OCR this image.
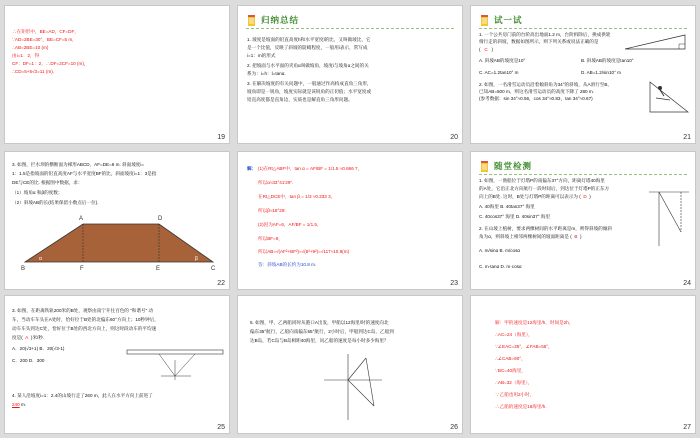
∴在矩形中，BE=AD，CF=DF，
∵AD=2BE=30°，BE=CF=5 m，
∴AB=2BE=10 (m)
由i=1：2，得
CF：DF=1：2，∴DF=2CF=10 (m)，
∴CD=5+5√3=11 (m)．
19
归纳总结
1. 坡度是坡面的铅直高度h和水平宽度l的比，又叫做坡比，它
是一个比值，反映了斜坡的陡峭程度，一般用i表示，常写成
i=1：m的形式
2. 把坡面与水平面的夹角α叫做坡角，坡度i与坡角α之间的关
系为：i=h：l=tanα.
3. 在解决坡度的有关问题中，一般通过作高构成直角三角形，
坡角即是一锐角，坡度实际就是该锐角的正切值；水平宽度或
铅直高度都是直角边，实质也是解直角三角形问题。
20
试一试
1. 一个公共房门前的台阶高出地面1.2 m，台阶拆除后，换成供轮
椅行走的斜坡，数据如图所示，则下列关系或说法正确的是
(   C   )
A. 斜坡AB的坡度是10°	B. 斜坡AB的坡度是tan10°
C. AC=1.2tan10° m	D. AB=1.2/sin10° m
2. 如图，一名滑雪运动员沿着倾斜角为34°的斜坡，从A滑行至B，
已知AB=500 m，则这名滑雪运动员的高度下降了 280 m．
(参考数据：sin 34°≈0.56，cos 34°≈0.83，tan 34°≈0.67)
21
3. 如图，拦水坝的横断面为梯形ABCD，AF=DE=6 m. 斜面坡度i=
1：1.5是指坡面的铅直高度AF与水平宽度BF的比，斜面坡度i=1：3是指
DE与CE的比. 根据图中数据，求：
（1）坡角α 和β的度数；
（2）斜坡AB的长(结果保留小数点后一位).
A	D
B	F	E	C
α	β
22
解： (1)在Rt△ABF中，tan α = AF/BF = 1/1.5 ≈0.666 7，
所以α≈33°41′29″.
在Rt△DCE中，tan β = 1/3 ≈0.333 3，
所以β≈18°26′.
(2)因为AF=6，AF/BF = 1/1.5，
所以BF=9，
所以AB=√(AF²+BF²)=√(6²+9²)=√117≈10.8(m)
答：斜坡AB的长约为10.8 m.
23
随堂检测
1. 如图，一渔船位于灯塔P的南偏东37°方向，距离灯塔40海里
的A处，它沿正北方向航行一段时间后，到达位于灯塔P的正东方
向上的B处. 这时，B处与灯塔P的距离可以表示为 (  D  )
A. 40海里 B. 40tan37° 海里
C. 40cos37° 海里 D. 40sin37° 海里
2. 在山坡上植树，要求两棵树间的水平距离是m，则得斜坡的倾斜
角为α，则斜坡上相邻两棵树间的坡面距离是 (  B  )
A. m/sinα B. m/cosα
C. m·tanα D. m·cosα
24
3. 如图，在距离铁轨200米的B处，观察由南宁开往百色的 "和谐号" 动
车，当动车车头在A处时，恰好位于B处的北偏东60°方向上；10秒钟后，
动车车头到达C处，恰好位于B处的西北方向上，则这时段动车的平均速
度是(  A  )米/秒．
A．20(√3+1) B．20(√3-1)
C．200 D．300
4. 某人沿坡度i=1：2.4的山坡行走了260 m，此人在水平方向上前进了
240 m.
25
5. 如图，甲、乙两船同时从港口A出发，甲船以12海里/时的速度向北
偏东35°航行，乙船向南偏东55°航行，2小时后，甲船到达C岛，乙船到
达B岛，若C岛与B岛相距40海里，问乙船的速度是每小时多少海里？
26
解：甲的速度是12海里/h，时间是2h，
∴AC=24（海里），
∵∠EAC=35°，∠FAB=55°，
∴∠CAB=90°，
∵BC=40海里，
∴AB=32（海里），
∵乙船也用2小时，
∴乙船的速度是16海里/h．
27
